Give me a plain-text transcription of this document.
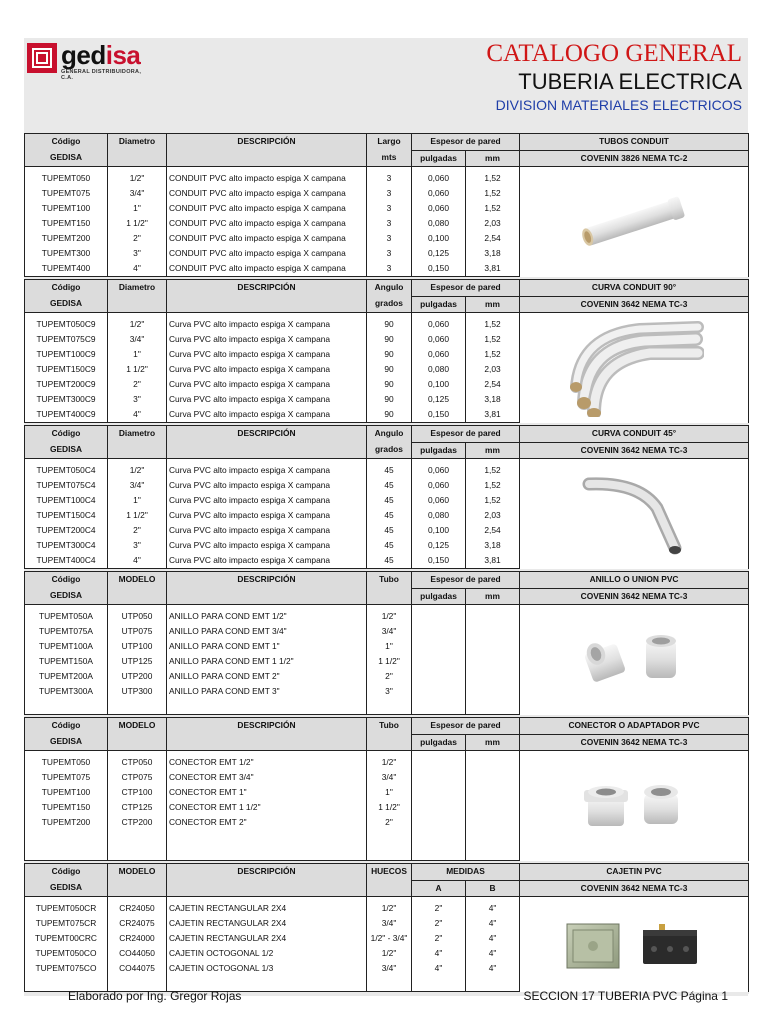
gedisa
GENERAL DISTRIBUIDORA, C.A.
CATALOGO GENERAL
TUBERIA ELECTRICA
DIVISION MATERIALES ELECTRICOS
Código	Diametro	DESCRIPCIÓN	Largo	Espesor de pared		TUBOS CONDUIT
GEDISA			mts	pulgadas	mm	COVENIN 3826 NEMA TC-2

TUPEMT050	1/2"	CONDUIT PVC alto impacto espiga X campana	3	0,060	1,52	
TUPEMT075	3/4"	CONDUIT PVC alto impacto espiga X campana	3	0,060	1,52	
TUPEMT100	1"	CONDUIT PVC alto impacto espiga X campana	3	0,060	1,52	
TUPEMT150	1 1/2"	CONDUIT PVC alto impacto espiga X campana	3	0,080	2,03	
TUPEMT200	2"	CONDUIT PVC alto impacto espiga X campana	3	0,100	2,54	
TUPEMT300	3"	CONDUIT PVC alto impacto espiga X campana	3	0,125	3,18	
TUPEMT400	4"	CONDUIT PVC alto impacto espiga X campana	3	0,150	3,81	

Código	Diametro	DESCRIPCIÓN	Angulo	Espesor de pared		CURVA CONDUIT 90°
GEDISA			grados	pulgadas	mm	COVENIN 3642 NEMA TC-3

TUPEMT050C9	1/2"	Curva PVC alto impacto espiga X campana	90	0,060	1,52	
TUPEMT075C9	3/4"	Curva PVC alto impacto espiga X campana	90	0,060	1,52	
TUPEMT100C9	1"	Curva PVC alto impacto espiga X campana	90	0,060	1,52	
TUPEMT150C9	1 1/2"	Curva PVC alto impacto espiga X campana	90	0,080	2,03	
TUPEMT200C9	2"	Curva PVC alto impacto espiga X campana	90	0,100	2,54	
TUPEMT300C9	3"	Curva PVC alto impacto espiga X campana	90	0,125	3,18	
TUPEMT400C9	4"	Curva PVC alto impacto espiga X campana	90	0,150	3,81	

Código	Diametro	DESCRIPCIÓN	Angulo	Espesor de pared		CURVA CONDUIT 45°
GEDISA			grados	pulgadas	mm	COVENIN 3642 NEMA TC-3

TUPEMT050C4	1/2"	Curva PVC alto impacto espiga X campana	45	0,060	1,52	
TUPEMT075C4	3/4"	Curva PVC alto impacto espiga X campana	45	0,060	1,52	
TUPEMT100C4	1"	Curva PVC alto impacto espiga X campana	45	0,060	1,52	
TUPEMT150C4	1 1/2"	Curva PVC alto impacto espiga X campana	45	0,080	2,03	
TUPEMT200C4	2"	Curva PVC alto impacto espiga X campana	45	0,100	2,54	
TUPEMT300C4	3"	Curva PVC alto impacto espiga X campana	45	0,125	3,18	
TUPEMT400C4	4"	Curva PVC alto impacto espiga X campana	45	0,150	3,81	

Código	MODELO	DESCRIPCIÓN	Tubo	Espesor de pared		ANILLO O UNION PVC
GEDISA				pulgadas	mm	COVENIN 3642 NEMA TC-3

TUPEMT050A	UTP050	ANILLO PARA COND EMT 1/2"	1/2"			
TUPEMT075A	UTP075	ANILLO PARA COND EMT 3/4"	3/4"			
TUPEMT100A	UTP100	ANILLO PARA COND EMT 1"	1"			
TUPEMT150A	UTP125	ANILLO PARA COND EMT 1 1/2"	1 1/2"			
TUPEMT200A	UTP200	ANILLO PARA COND EMT 2"	2"			
TUPEMT300A	UTP300	ANILLO PARA COND EMT 3"	3"			

Código	MODELO	DESCRIPCIÓN	Tubo	Espesor de pared		CONECTOR O ADAPTADOR PVC
GEDISA				pulgadas	mm	COVENIN 3642 NEMA TC-3

TUPEMT050	CTP050	CONECTOR EMT 1/2"	1/2"			
TUPEMT075	CTP075	CONECTOR EMT 3/4"	3/4"			
TUPEMT100	CTP100	CONECTOR EMT 1"	1"			
TUPEMT150	CTP125	CONECTOR EMT 1 1/2"	1 1/2"			
TUPEMT200	CTP200	CONECTOR EMT 2"	2"			

Código	MODELO	DESCRIPCIÓN	HUECOS	MEDIDAS		CAJETIN PVC
GEDISA				A	B	COVENIN 3642 NEMA TC-3

TUPEMT050CR	CR24050	CAJETIN RECTANGULAR 2X4	1/2"	2"	4"	
TUPEMT075CR	CR24075	CAJETIN RECTANGULAR 2X4	3/4"	2"	4"	
TUPEMT00CRC	CR24000	CAJETIN RECTANGULAR 2X4	1/2" - 3/4"	2"	4"	
TUPEMT050CO	CO44050	CAJETIN OCTOGONAL 1/2	1/2"	4"	4"	
TUPEMT075CO	CO44075	CAJETIN OCTOGONAL 1/3	3/4"	4"	4"	

Elaborado por Ing. Gregor Rojas	SECCION 17 TUBERIA PVC Página 1
